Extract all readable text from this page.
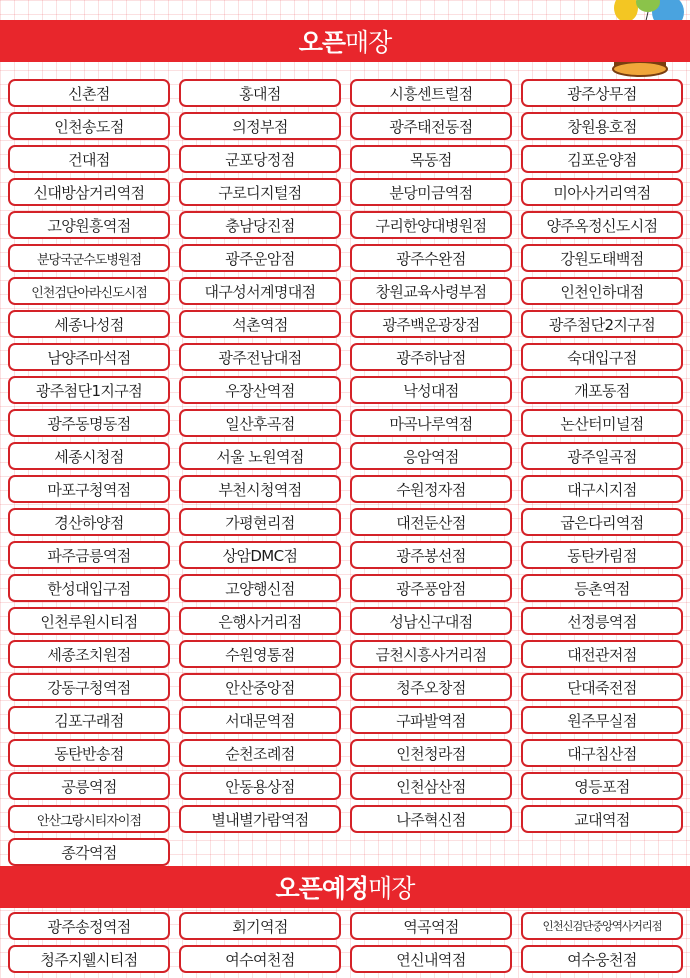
오픈 매장
신촌점	홍대점	시흥센트럴점	광주상무점
인천송도점	의정부점	광주태전동점	창원용호점
건대점	군포당정점	목동점	김포운양점
신대방삼거리역점	구로디지털점	분당미금역점	미아사거리역점
고양원흥역점	충남당진점	구리한양대병원점	양주옥정신도시점
분당국군수도병원점	광주운암점	광주수완점	강원도태백점
인천검단아라신도시점	대구성서계명대점	창원교육사령부점	인천인하대점
세종나성점	석촌역점	광주백운광장점	광주첨단2지구점
남양주마석점	광주전남대점	광주하남점	숙대입구점
광주첨단1지구점	우장산역점	낙성대점	개포동점
광주동명동점	일산후곡점	마곡나루역점	논산터미널점
세종시청점	서울 노원역점	응암역점	광주일곡점
마포구청역점	부천시청역점	수원정자점	대구시지점
경산하양점	가평현리점	대전둔산점	굽은다리역점
파주금릉역점	상암DMC점	광주봉선점	동탄카림점
한성대입구점	고양행신점	광주풍암점	등촌역점
인천루원시티점	은행사거리점	성남신구대점	선정릉역점
세종조치원점	수원영통점	금천시흥사거리점	대전관저점
강동구청역점	안산중앙점	청주오창점	단대죽전점
김포구래점	서대문역점	구파발역점	원주무실점
동탄반송점	순천조례점	인천청라점	대구침산점
공릉역점	안동용상점	인천삼산점	영등포점
안산그랑시티자이점	별내별가람역점	나주혁신점	교대역점
종각역점
오픈예정 매장
광주송정역점	회기역점	역곡역점	인천신검단중앙역사거리점
청주지웰시티점	여수여천점	연신내역점	여수웅천점
